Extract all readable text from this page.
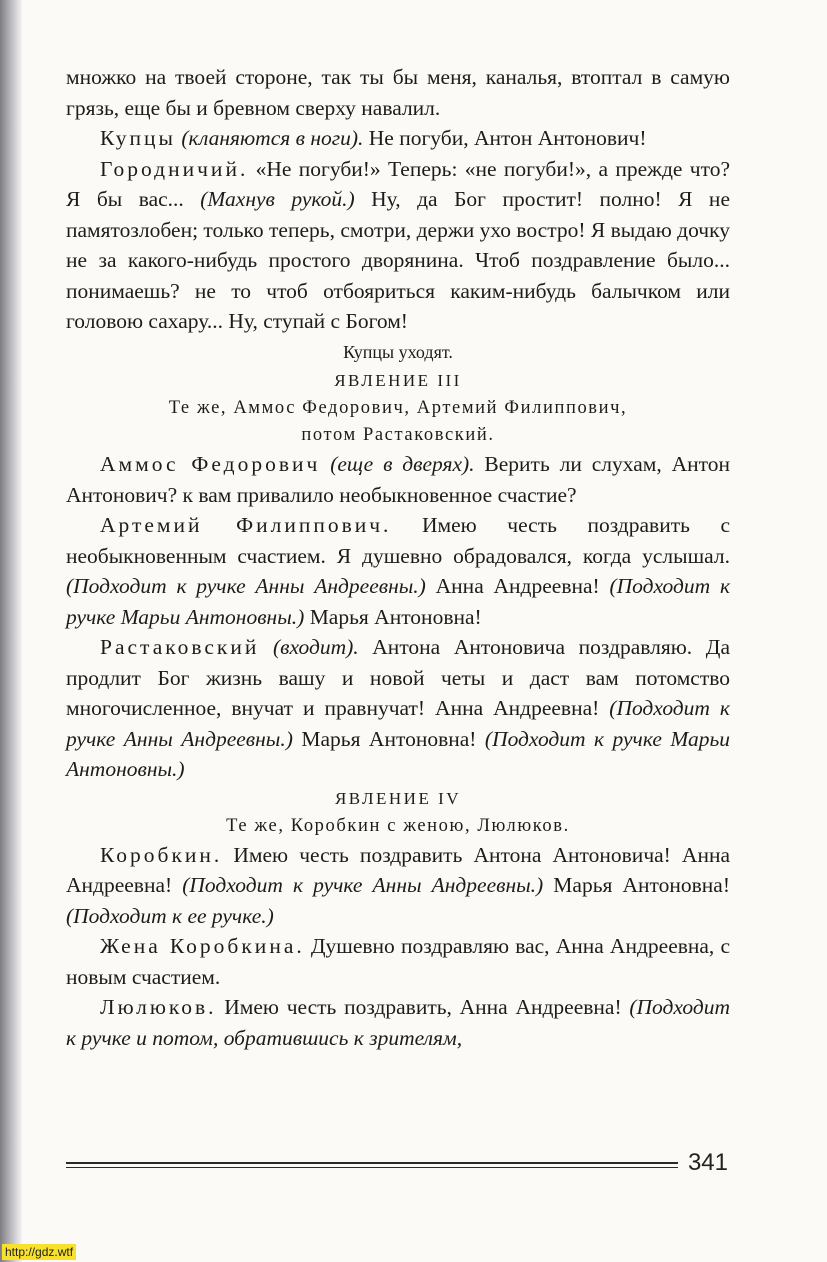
множко на твоей стороне, так ты бы меня, каналья, втоптал в самую грязь, еще бы и бревном сверху навалил.

Купцы (кланяются в ноги). Не погуби, Антон Антонович!

Городничий. «Не погуби!» Теперь: «не погуби!», а прежде что? Я бы вас... (Махнув рукой.) Ну, да Бог простит! полно! Я не памятозлобен; только теперь, смотри, держи ухо востро! Я выдаю дочку не за какого-нибудь простого дворянина. Чтоб поздравление было... понимаешь? не то чтоб отбояриться каким-нибудь балычком или головою сахару... Ну, ступай с Богом!

Купцы уходят.

ЯВЛЕНИЕ III

Те же, Аммос Федорович, Артемий Филиппович,
потом Растаковский.

Аммос Федорович (еще в дверях). Верить ли слухам, Антон Антонович? к вам привалило необыкновенное счастие?

Артемий Филиппович. Имею честь поздравить с необыкновенным счастием. Я душевно обрадовался, когда услышал. (Подходит к ручке Анны Андреевны.) Анна Андреевна! (Подходит к ручке Марьи Антоновны.) Марья Антоновна!

Растаковский (входит). Антона Антоновича поздравляю. Да продлит Бог жизнь вашу и новой четы и даст вам потомство многочисленное, внучат и правнучат! Анна Андреевна! (Подходит к ручке Анны Андреевны.) Марья Антоновна! (Подходит к ручке Марьи Антоновны.)

ЯВЛЕНИЕ IV

Те же, Коробкин с женою, Люлюков.

Коробкин. Имею честь поздравить Антона Антоновича! Анна Андреевна! (Подходит к ручке Анны Андреевны.) Марья Антоновна! (Подходит к ее ручке.)

Жена Коробкина. Душевно поздравляю вас, Анна Андреевна, с новым счастием.

Люлюков. Имею честь поздравить, Анна Андреевна! (Подходит к ручке и потом, обратившись к зрителям,

341
http://gdz.wtf
